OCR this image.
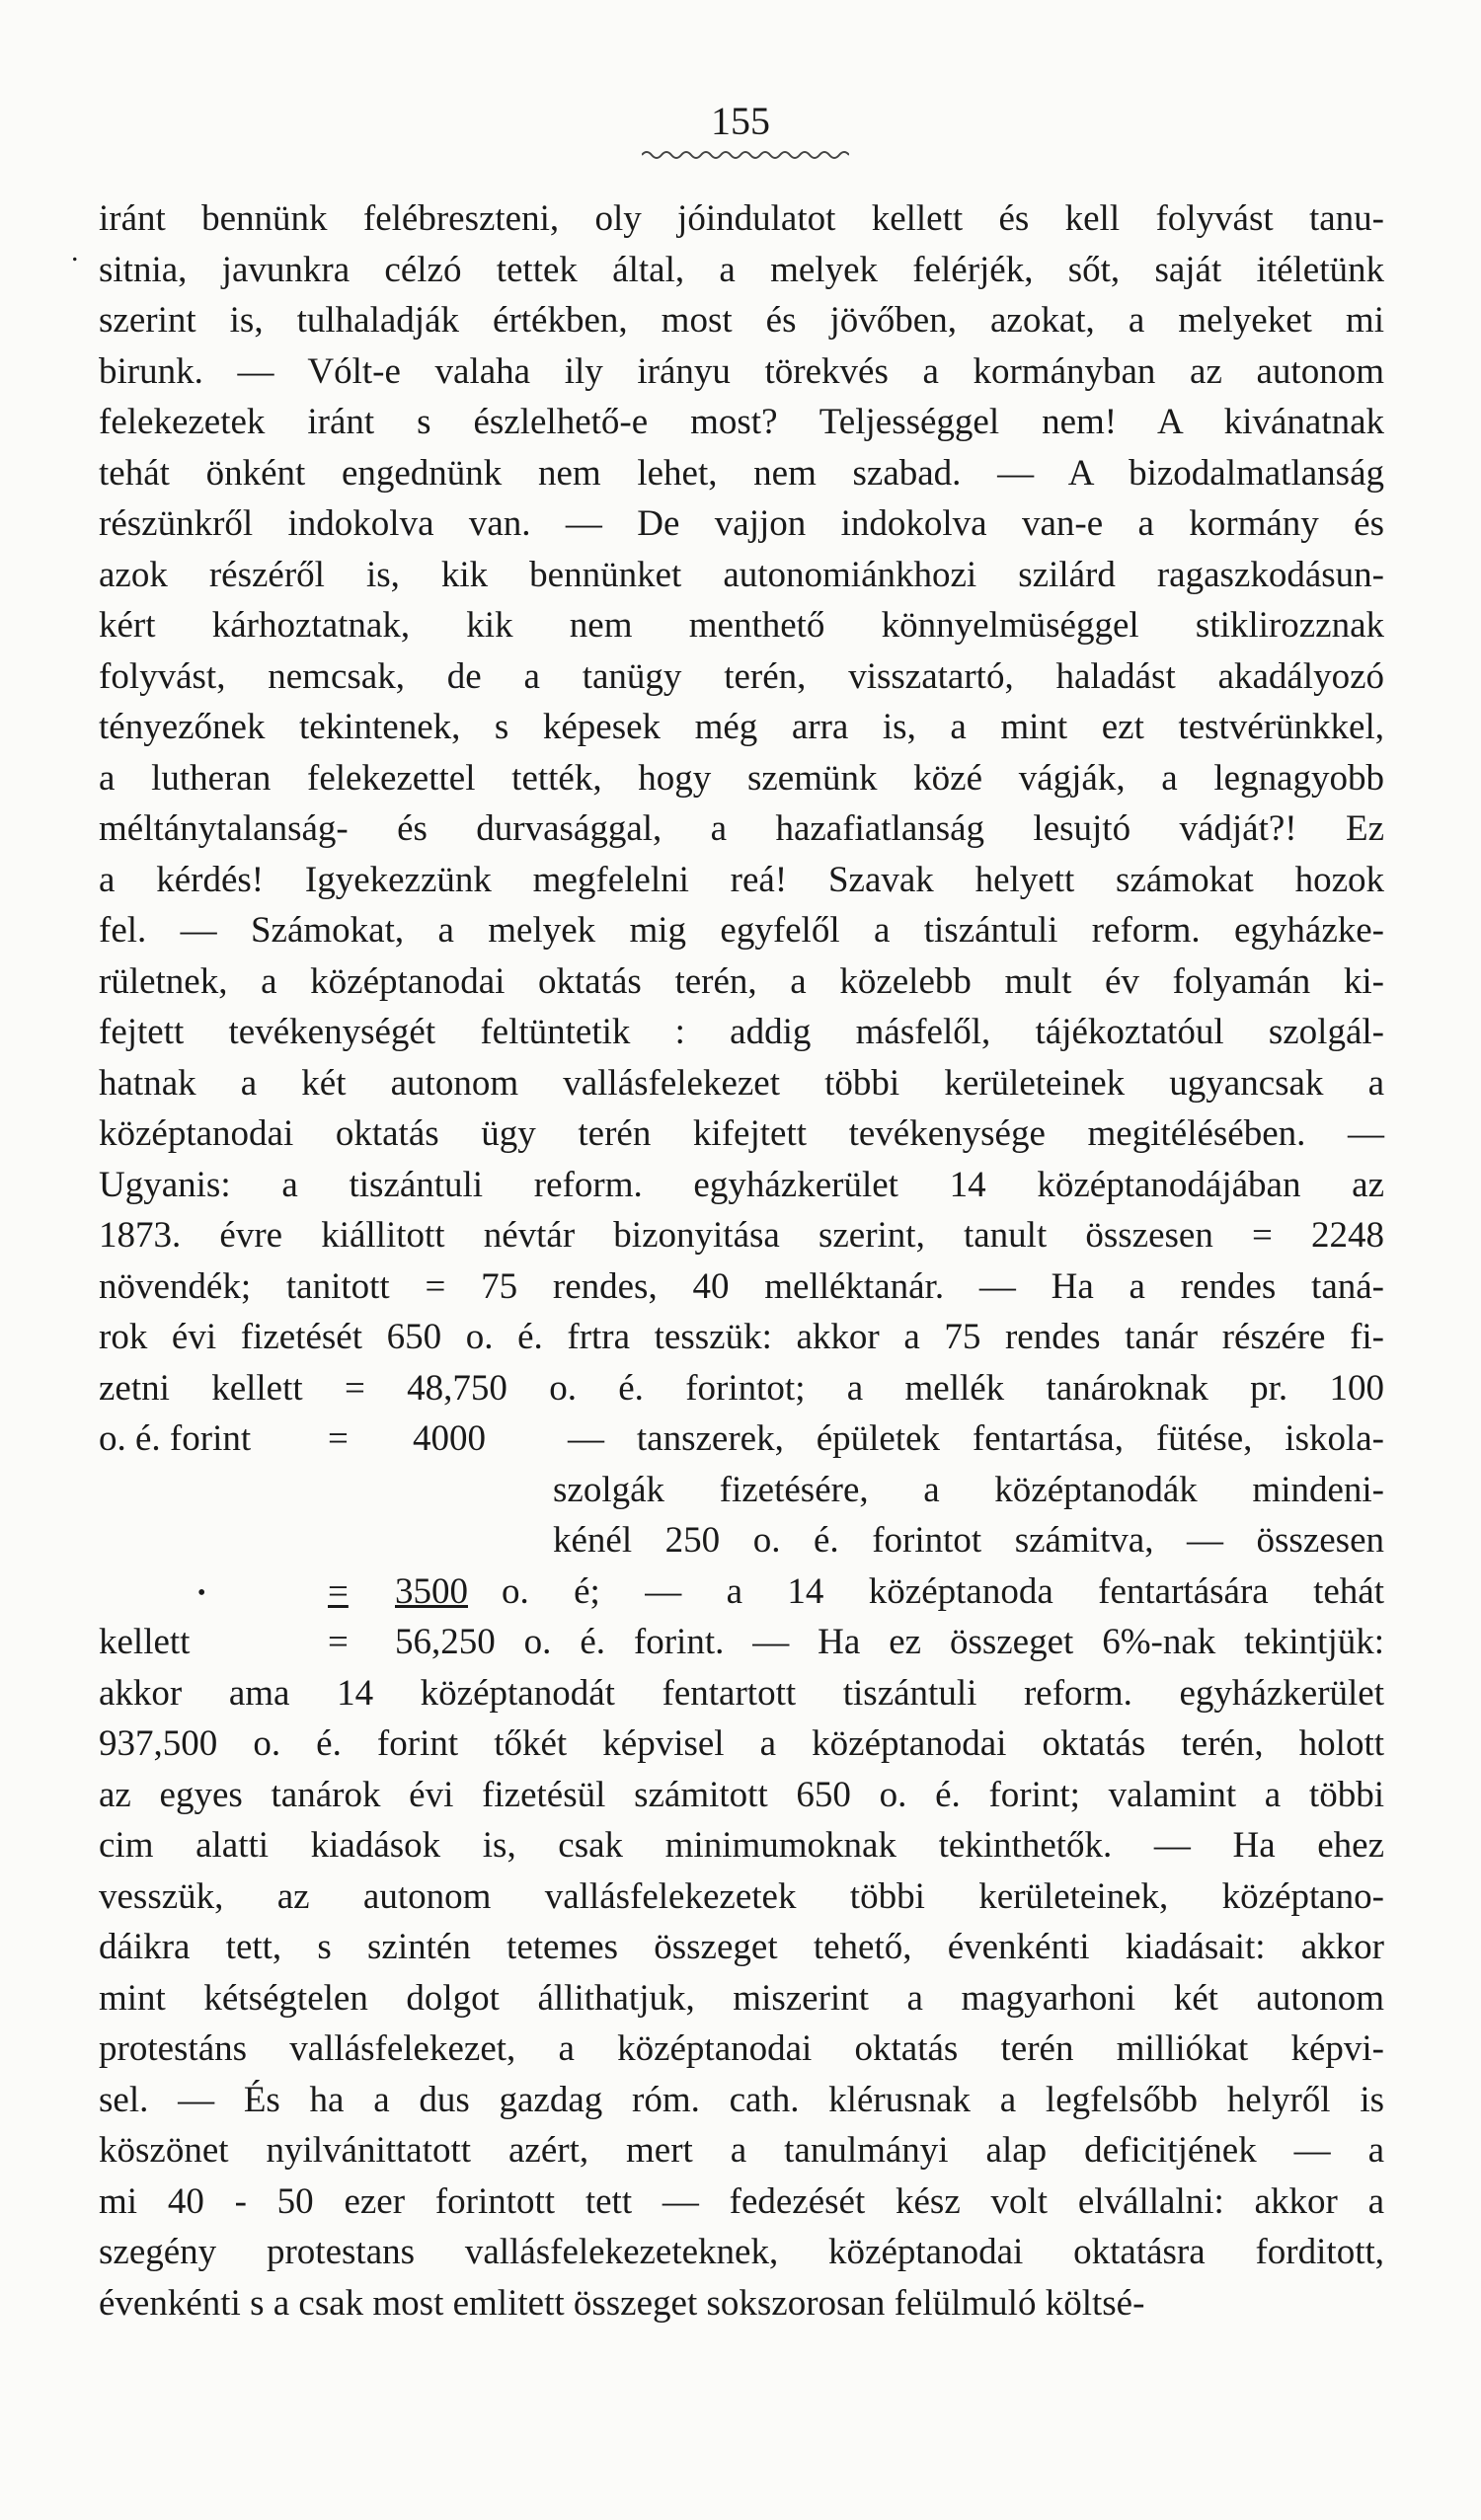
155
.
iránt bennünk felébreszteni, oly jóindulatot kellett és kell folyvást tanu-
sitnia, javunkra célzó tettek által, a melyek felérjék, sőt, saját itéletünk
szerint is, tulhaladják értékben, most és jövőben, azokat, a melyeket mi
birunk. — Vólt-e valaha ily irányu törekvés a kormányban az autonom
felekezetek iránt s észlelhető-e most? Teljességgel nem! A kivánatnak
tehát önként engednünk nem lehet, nem szabad. — A bizodalmatlanság
részünkről indokolva van. — De vajjon indokolva van-e a kormány és
azok részéről is, kik bennünket autonomiánkhozi szilárd ragaszkodásun-
kért kárhoztatnak, kik nem menthető könnyelmüséggel stiklirozznak
folyvást, nemcsak, de a tanügy terén, visszatartó, haladást akadályozó
tényezőnek tekintenek, s képesek még arra is, a mint ezt testvérünkkel,
a lutheran felekezettel tették, hogy szemünk közé vágják, a legnagyobb
méltánytalanság- és durvasággal, a hazafiatlanság lesujtó vádját?! Ez
a kérdés! Igyekezzünk megfelelni reá! Szavak helyett számokat hozok
fel. — Számokat, a melyek mig egyfelől a tiszántuli reform. egyházke-
rületnek, a középtanodai oktatás terén, a közelebb mult év folyamán ki-
fejtett tevékenységét feltüntetik : addig másfelől, tájékoztatóul szolgál-
hatnak a két autonom vallásfelekezet többi kerületeinek ugyancsak a
középtanodai oktatás ügy terén kifejtett tevékenysége megitélésében. —
Ugyanis: a tiszántuli reform. egyházkerület 14 középtanodájában az
1873. évre kiállitott névtár bizonyitása szerint, tanult összesen = 2248
növendék; tanitott = 75 rendes, 40 melléktanár. — Ha a rendes taná-
rok évi fizetését 650 o. é. frtra tesszük: akkor a 75 rendes tanár részére fi-
zetni kellett = 48,750 o. é. forintot; a mellék tanároknak pr. 100
o. é. forint = 4000 — tanszerek, épületek fentartása, fütése, iskola-
szolgák fizetésére, a középtanodák mindeni-
kénél 250 o. é. forintot számitva, — összesen
•	= 3500 o. é; — a 14 középtanoda fentartására tehát
kellett	= 56,250 o. é. forint. — Ha ez összeget 6%-nak tekintjük:
akkor ama 14 középtanodát fentartott tiszántuli reform. egyházkerület
937,500 o. é. forint tőkét képvisel a középtanodai oktatás terén, holott
az egyes tanárok évi fizetésül számitott 650 o. é. forint; valamint a többi
cim alatti kiadások is, csak minimumoknak tekinthetők. — Ha ehez
vesszük, az autonom vallásfelekezetek többi kerületeinek, középtano-
dáikra tett, s szintén tetemes összeget tehető, évenkénti kiadásait: akkor
mint kétségtelen dolgot állithatjuk, miszerint a magyarhoni két autonom
protestáns vallásfelekezet, a középtanodai oktatás terén milliókat képvi-
sel. — És ha a dus gazdag róm. cath. klérusnak a legfelsőbb helyről is
köszönet nyilvánittatott azért, mert a tanulmányi alap deficitjének — a
mi 40 - 50 ezer forintott tett — fedezését kész volt elvállalni: akkor a
szegény protestans vallásfelekezeteknek, középtanodai oktatásra forditott,
évenkénti s a csak most emlitett összeget sokszorosan felülmuló költsé-
